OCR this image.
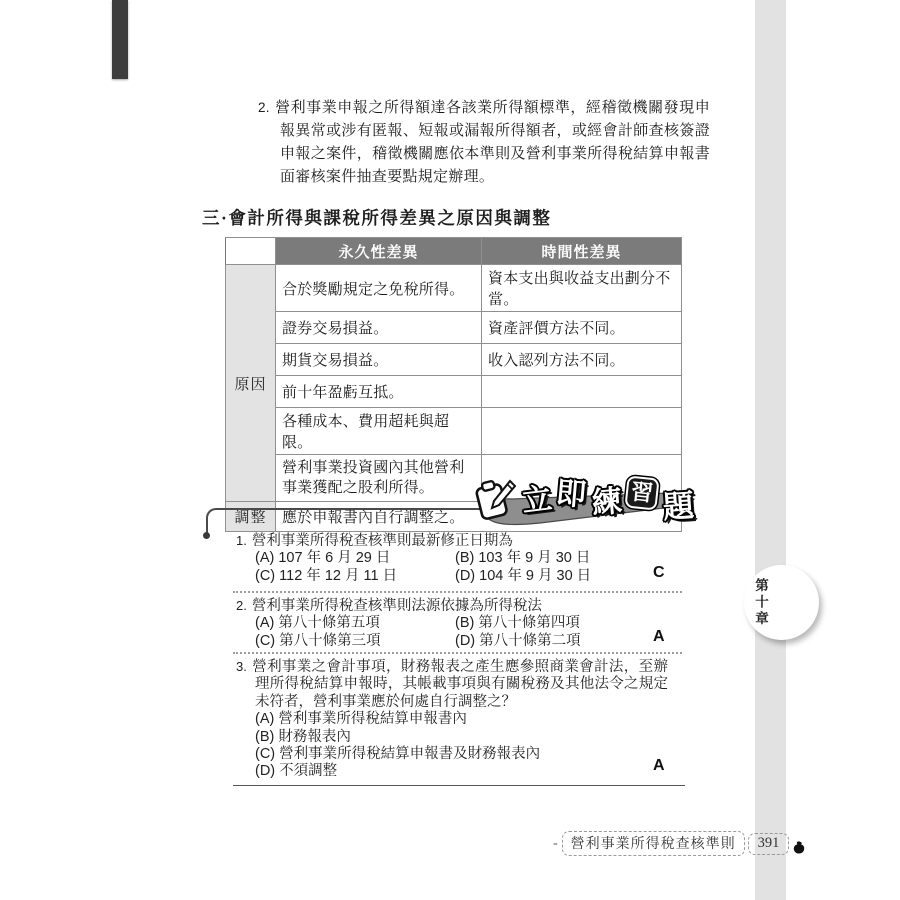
第十章
2. 營利事業申報之所得額達各該業所得額標準，經稽徵機關發現申報異常或涉有匿報、短報或漏報所得額者，或經會計師查核簽證申報之案件，稽徵機關應依本準則及營利事業所得稅結算申報書面審核案件抽查要點規定辦理。
三·會計所得與課稅所得差異之原因與調整
	永久性差異	時間性差異
原因	合於獎勵規定之免稅所得。	資本支出與收益支出劃分不當。
	證券交易損益。	資產評價方法不同。
	期貨交易損益。	收入認列方法不同。
	前十年盈虧互抵。	
	各種成本、費用超耗與超限。	
	營利事業投資國內其他營利事業獲配之股利所得。	
調整	應於申報書內自行調整之。	立 即 練 習 題
1. 營利事業所得稅查核準則最新修正日期為
(A) 107 年 6 月 29 日	(B) 103 年 9 月 30 日
(C) 112 年 12 月 11 日	(D) 104 年 9 月 30 日	C
2. 營利事業所得稅查核準則法源依據為所得稅法
(A) 第八十條第五項	(B) 第八十條第四項
(C) 第八十條第三項	(D) 第八十條第二項	A
3. 營利事業之會計事項，財務報表之產生應參照商業會計法，至辦理所得稅結算申報時，其帳載事項與有關稅務及其他法令之規定未符者，營利事業應於何處自行調整之？
(A) 營利事業所得稅結算申報書內
(B) 財務報表內
(C) 營利事業所得稅結算申報書及財務報表內
(D) 不須調整	A
- 營利事業所得稅查核準則	391
